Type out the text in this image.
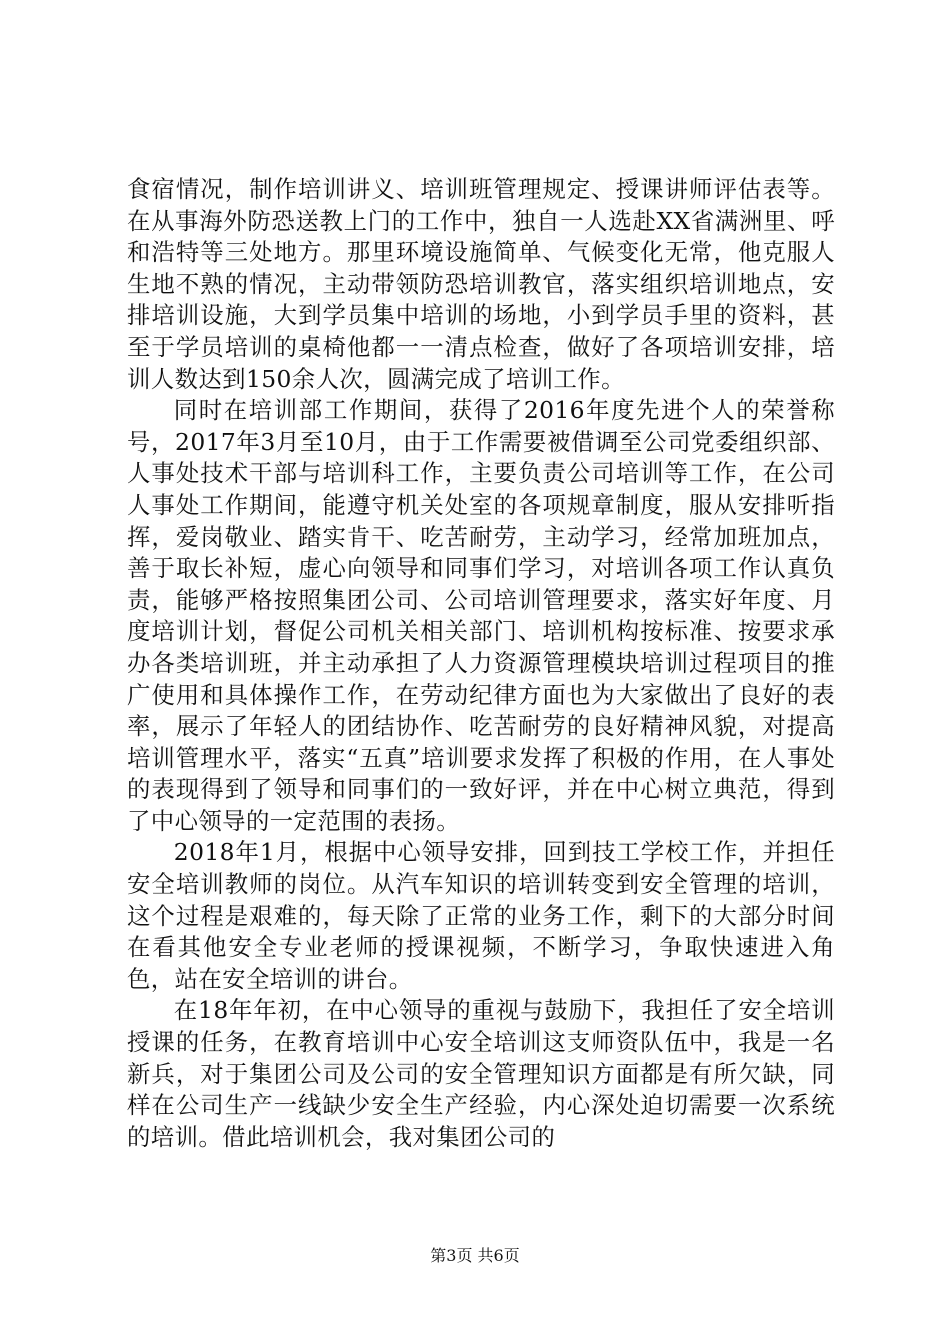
食宿情况，制作培训讲义、培训班管理规定、授课讲师评估表等。在从事海外防恐送教上门的工作中，独自一人选赴XX省满洲里、呼和浩特等三处地方。那里环境设施简单、气候变化无常，他克服人生地不熟的情况，主动带领防恐培训教官，落实组织培训地点，安排培训设施，大到学员集中培训的场地，小到学员手里的资料，甚至于学员培训的桌椅他都一一清点检查，做好了各项培训安排，培训人数达到150余人次，圆满完成了培训工作。

同时在培训部工作期间，获得了2016年度先进个人的荣誉称号，2017年3月至10月，由于工作需要被借调至公司党委组织部、人事处技术干部与培训科工作，主要负责公司培训等工作，在公司人事处工作期间，能遵守机关处室的各项规章制度，服从安排听指挥，爱岗敬业、踏实肯干、吃苦耐劳，主动学习，经常加班加点，善于取长补短，虚心向领导和同事们学习，对培训各项工作认真负责，能够严格按照集团公司、公司培训管理要求，落实好年度、月度培训计划，督促公司机关相关部门、培训机构按标准、按要求承办各类培训班，并主动承担了人力资源管理模块培训过程项目的推广使用和具体操作工作，在劳动纪律方面也为大家做出了良好的表率，展示了年轻人的团结协作、吃苦耐劳的良好精神风貌，对提高培训管理水平，落实“五真”培训要求发挥了积极的作用，在人事处的表现得到了领导和同事们的一致好评，并在中心树立典范，得到了中心领导的一定范围的表扬。

2018年1月，根据中心领导安排，回到技工学校工作，并担任安全培训教师的岗位。从汽车知识的培训转变到安全管理的培训，这个过程是艰难的，每天除了正常的业务工作，剩下的大部分时间在看其他安全专业老师的授课视频，不断学习，争取快速进入角色，站在安全培训的讲台。

在18年年初，在中心领导的重视与鼓励下，我担任了安全培训授课的任务，在教育培训中心安全培训这支师资队伍中，我是一名新兵，对于集团公司及公司的安全管理知识方面都是有所欠缺，同样在公司生产一线缺少安全生产经验，内心深处迫切需要一次系统的培训。借此培训机会，我对集团公司的

第3页 共6页
